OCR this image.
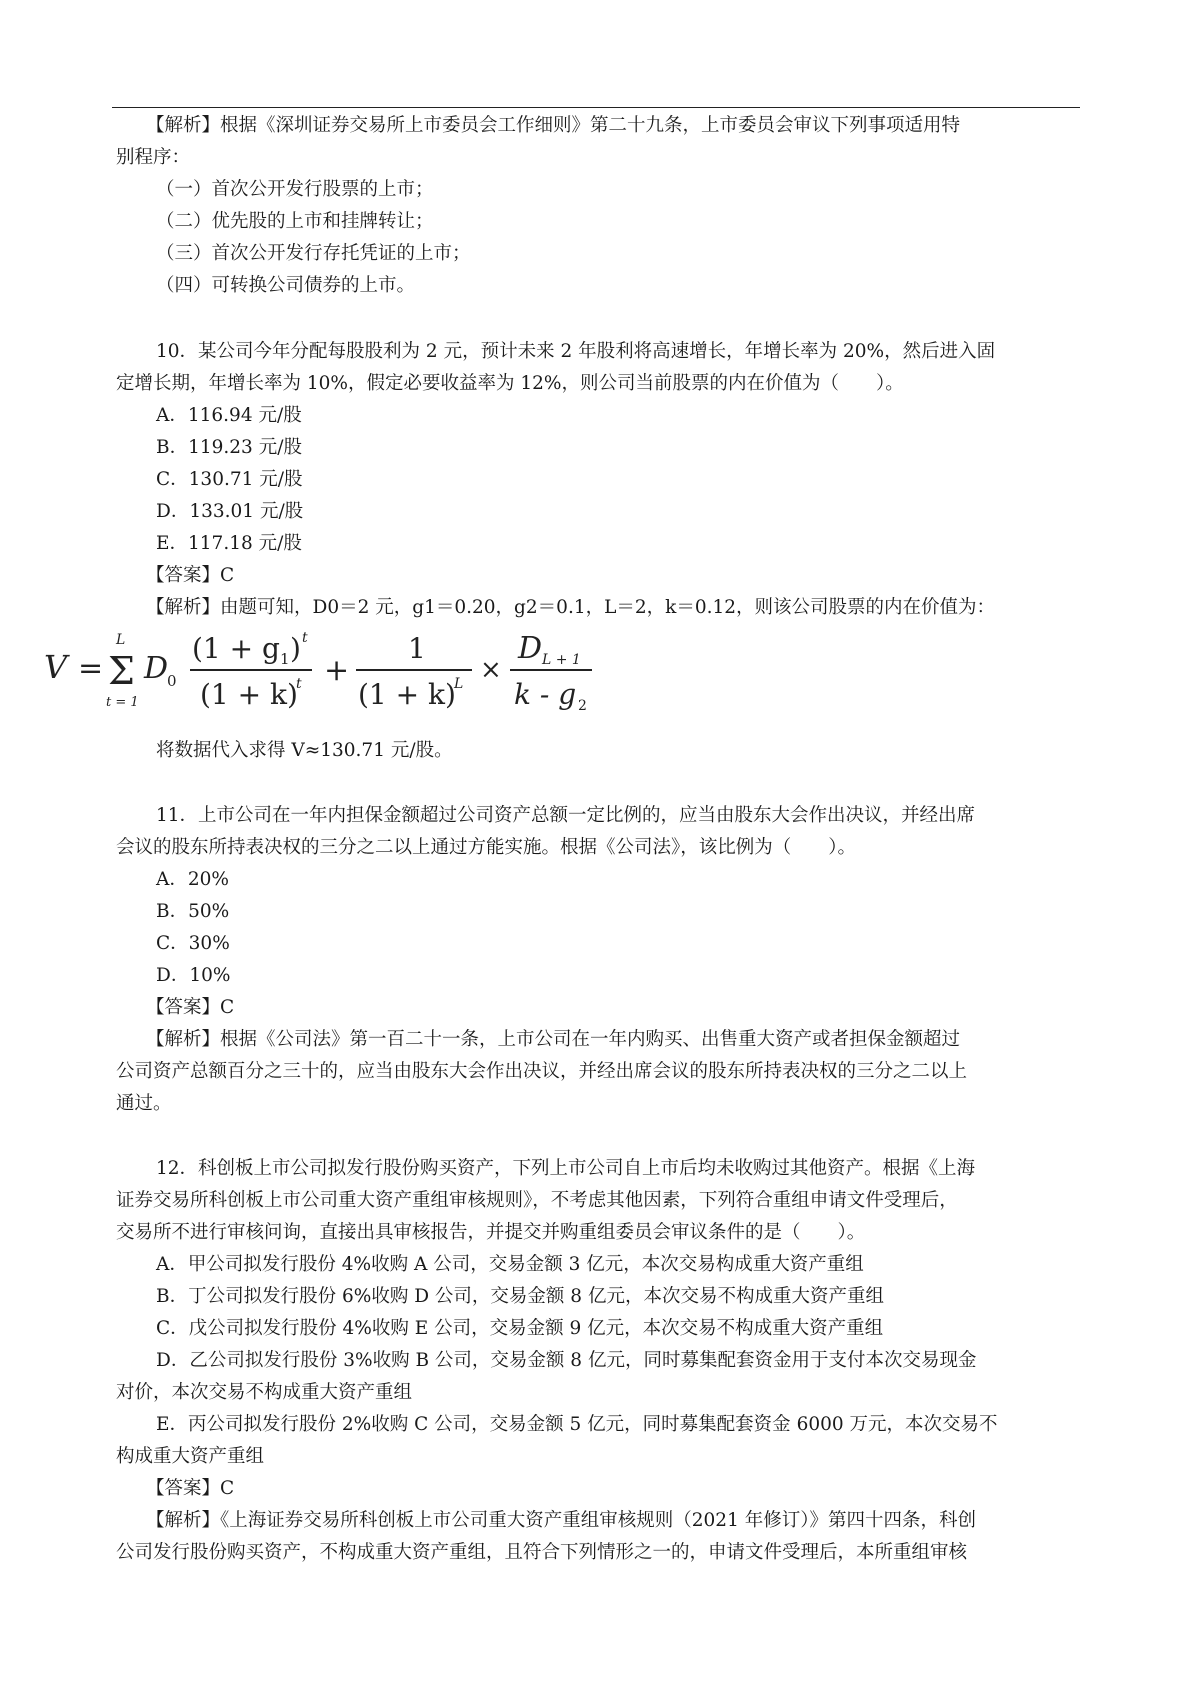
【解析】根据《深圳证券交易所上市委员会工作细则》第二十九条，上市委员会审议下列事项适用特
别程序：
（一）首次公开发行股票的上市；
（二）优先股的上市和挂牌转让；
（三）首次公开发行存托凭证的上市；
（四）可转换公司债券的上市。
10．某公司今年分配每股股利为 2 元，预计未来 2 年股利将高速增长，年增长率为 20%，然后进入固
定增长期，年增长率为 10%，假定必要收益率为 12%，则公司当前股票的内在价值为（　　）。
A．116.94 元/股
B．119.23 元/股
C．130.71 元/股
D．133.01 元/股
E．117.18 元/股
【答案】C
【解析】由题可知，D0＝2 元，g1＝0.20，g2＝0.1，L＝2，k＝0.12，则该公司股票的内在价值为：
将数据代入求得 V≈130.71 元/股。
11．上市公司在一年内担保金额超过公司资产总额一定比例的，应当由股东大会作出决议，并经出席
会议的股东所持表决权的三分之二以上通过方能实施。根据《公司法》，该比例为（　　）。
A．20%
B．50%
C．30%
D．10%
【答案】C
【解析】根据《公司法》第一百二十一条，上市公司在一年内购买、出售重大资产或者担保金额超过
公司资产总额百分之三十的，应当由股东大会作出决议，并经出席会议的股东所持表决权的三分之二以上
通过。
12．科创板上市公司拟发行股份购买资产，下列上市公司自上市后均未收购过其他资产。根据《上海
证券交易所科创板上市公司重大资产重组审核规则》，不考虑其他因素，下列符合重组申请文件受理后，
交易所不进行审核问询，直接出具审核报告，并提交并购重组委员会审议条件的是（　　）。
A．甲公司拟发行股份 4%收购 A 公司，交易金额 3 亿元，本次交易构成重大资产重组
B．丁公司拟发行股份 6%收购 D 公司，交易金额 8 亿元，本次交易不构成重大资产重组
C．戊公司拟发行股份 4%收购 E 公司，交易金额 9 亿元，本次交易不构成重大资产重组
D．乙公司拟发行股份 3%收购 B 公司，交易金额 8 亿元，同时募集配套资金用于支付本次交易现金
对价，本次交易不构成重大资产重组
E．丙公司拟发行股份 2%收购 C 公司，交易金额 5 亿元，同时募集配套资金 6000 万元，本次交易不
构成重大资产重组
【答案】C
【解析】《上海证券交易所科创板上市公司重大资产重组审核规则（2021 年修订）》第四十四条，科创
公司发行股份购买资产，不构成重大资产重组，且符合下列情形之一的，申请文件受理后，本所重组审核
V =
L
Σ
t = 1
D
0
(1 + g 1 ) t
(1 + k)
t +
1
(1 + k)
L ×
D L + 1
k - g 2
